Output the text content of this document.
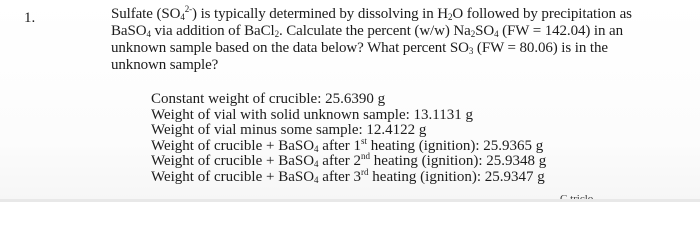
1.	Sulfate $(SO_4^{2-})$ is typically determined by dissolving in $H_2O$ followed by precipitation as
BaSO$_4$ via addition of BaCl$_2$. Calculate the percent (w/w) $Na_2SO_4$ (FW = 142.04) in an
unknown sample based on the data below? What percent $SO_3$ (FW = 80.06) is in the
unknown sample?
Constant weight of crucible: 25.6390 g
Weight of vial with solid unknown sample: 13.1131 g
Weight of vial minus some sample: 12.4122 g
Weight of crucible + BaSO$_4$ after 1st heating (ignition): 25.9365 g
Weight of crucible + BaSO$_4$ after 2nd heating (ignition): 25.9348 g
Weight of crucible + BaSO$_4$ after 3rd heating (ignition): 25.9347 g
